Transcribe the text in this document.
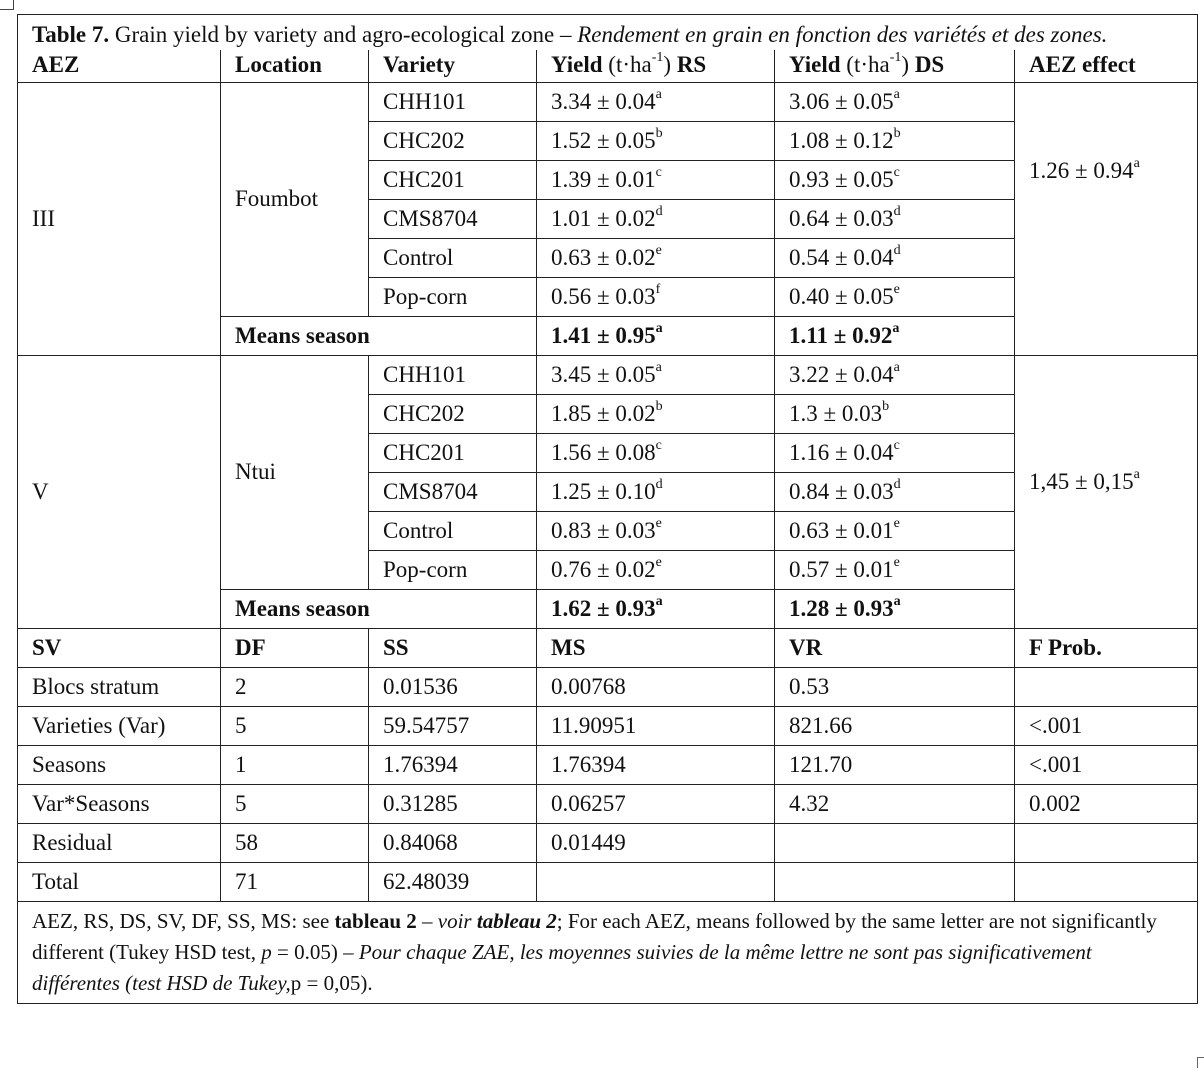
Table 7. Grain yield by variety and agro-ecological zone – Rendement en grain en fonction des variétés et des zones.					
AEZ	Location	Variety	Yield $(t\cdot ha^{-1})$ RS	Yield $(t\cdot ha^{-1})$ DS	AEZ effect
III	Foumbot	CHH101	3.34 ± 0.04$^a$	3.06 ± 0.05$^a$	1.26 ± 0.94$^a$
		CHC202	1.52 ± 0.05$^b$	1.08 ± 0.12$^b$
		CHC201	1.39 ± 0.01$^c$	0.93 ± 0.05$^c$
		CMS8704	1.01 ± 0.02$^d$	0.64 ± 0.03$^d$
		Control	0.63 ± 0.02$^e$	0.54 ± 0.04$^d$
		Pop-corn	0.56 ± 0.03$^f$	0.40 ± 0.05$^e$
	Means season		1.41 ± 0.95$^a$	1.11 ± 0.92$^a$
V	Ntui	CHH101	3.45 ± 0.05$^a$	3.22 ± 0.04$^a$	1,45 ± 0,15$^a$
		CHC202	1.85 ± 0.02$^b$	1.3 ± 0.03$^b$
		CHC201	1.56 ± 0.08$^c$	1.16 ± 0.04$^c$
		CMS8704	1.25 ± 0.10$^d$	0.84 ± 0.03$^d$
		Control	0.83 ± 0.03$^e$	0.63 ± 0.01$^e$
		Pop-corn	0.76 ± 0.02$^e$	0.57 ± 0.01$^e$
	Means season		1.62 ± 0.93$^a$	1.28 ± 0.93$^a$
SV	DF	SS	MS	VR	F Prob.
Blocs stratum	2	0.01536	0.00768	0.53	
Varieties (Var)	5	59.54757	11.90951	821.66	<.001
Seasons	1	1.76394	1.76394	121.70	<.001
Var*Seasons	5	0.31285	0.06257	4.32	0.002
Residual	58	0.84068	0.01449		
Total	71	62.48039			
AEZ, RS, DS, SV, DF, SS, MS: see tableau 2 – voir tableau 2; For each AEZ, means followed by the same letter are not significantly different (Tukey HSD test, p = 0.05) – Pour chaque ZAE, les moyennes suivies de la même lettre ne sont pas significativement différentes (test HSD de Tukey,p = 0,05).					
